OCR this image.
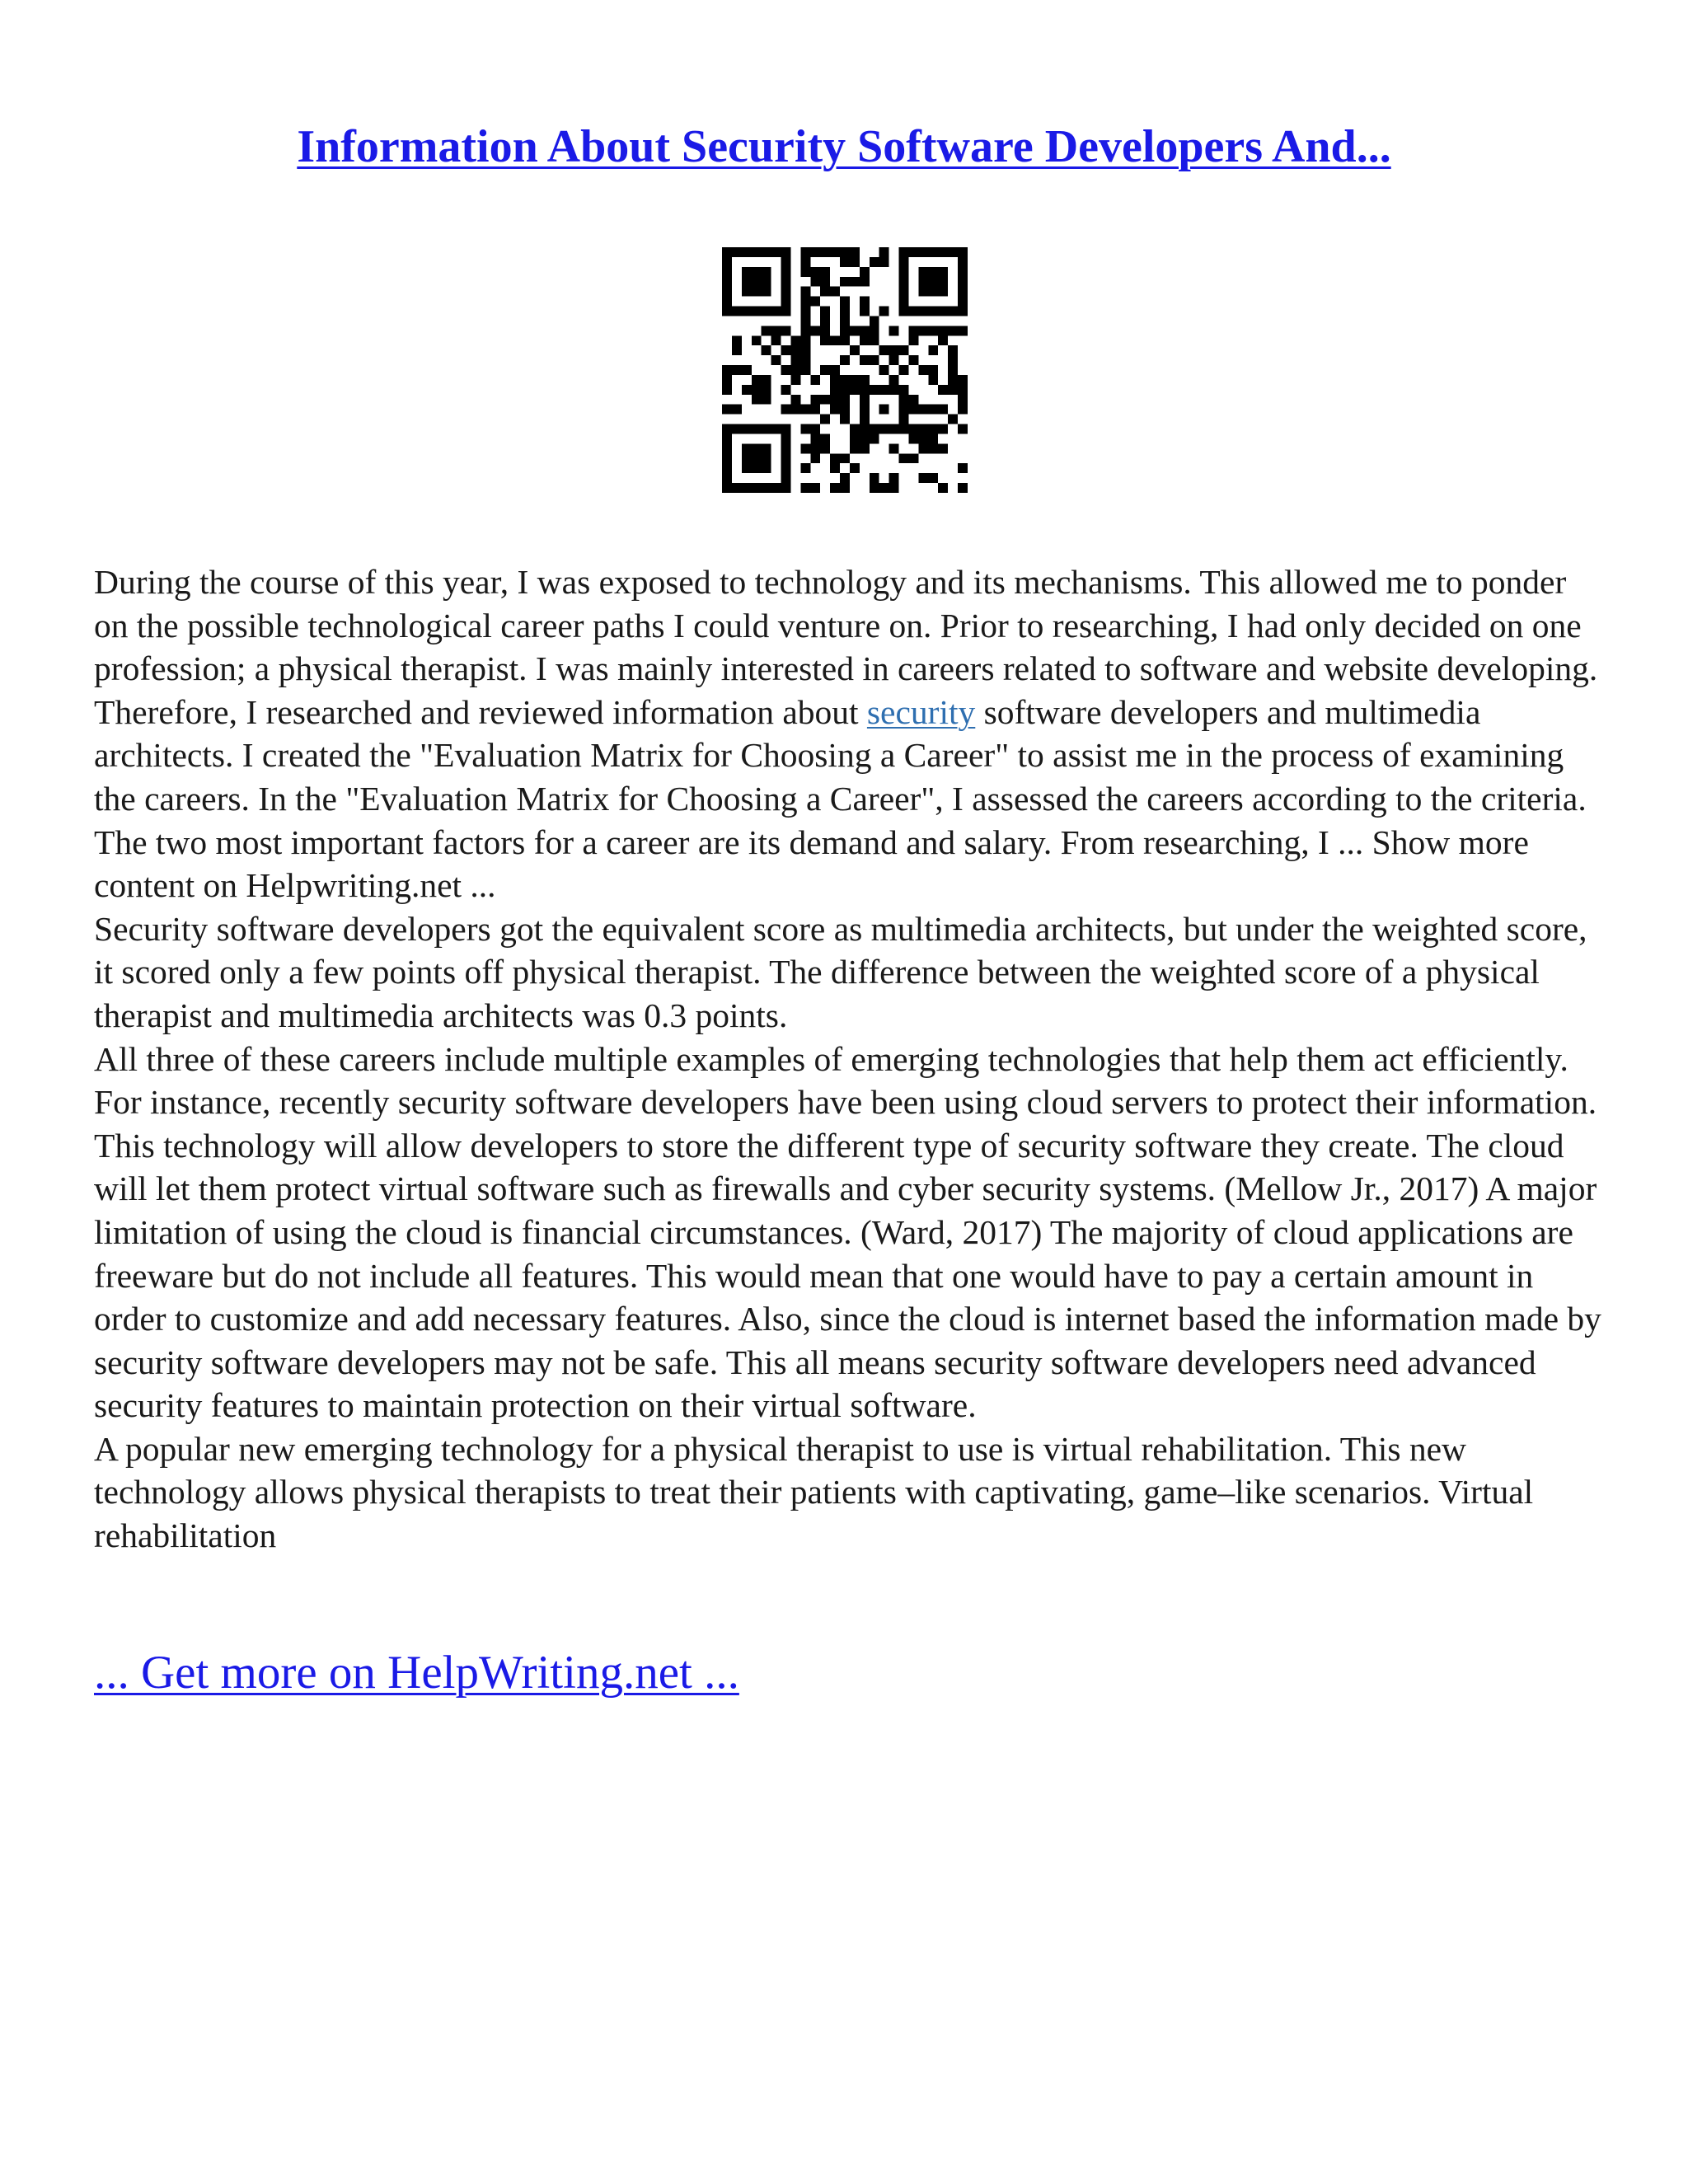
Information About Security Software Developers And...

During the course of this year, I was exposed to technology and its mechanisms. This allowed me to ponder on the possible technological career paths I could venture on. Prior to researching, I had only decided on one profession; a physical therapist. I was mainly interested in careers related to software and website developing. Therefore, I researched and reviewed information about security software developers and multimedia architects. I created the "Evaluation Matrix for Choosing a Career" to assist me in the process of examining the careers. In the "Evaluation Matrix for Choosing a Career", I assessed the careers according to the criteria. The two most important factors for a career are its demand and salary. From researching, I ... Show more content on Helpwriting.net ...

Security software developers got the equivalent score as multimedia architects, but under the weighted score, it scored only a few points off physical therapist. The difference between the weighted score of a physical therapist and multimedia architects was 0.3 points.

All three of these careers include multiple examples of emerging technologies that help them act efficiently. For instance, recently security software developers have been using cloud servers to protect their information. This technology will allow developers to store the different type of security software they create. The cloud will let them protect virtual software such as firewalls and cyber security systems. (Mellow Jr., 2017) A major limitation of using the cloud is financial circumstances. (Ward, 2017) The majority of cloud applications are freeware but do not include all features. This would mean that one would have to pay a certain amount in order to customize and add necessary features. Also, since the cloud is internet based the information made by security software developers may not be safe. This all means security software developers need advanced security features to maintain protection on their virtual software.

A popular new emerging technology for a physical therapist to use is virtual rehabilitation. This new technology allows physical therapists to treat their patients with captivating, game–like scenarios. Virtual rehabilitation

... Get more on HelpWriting.net ...
